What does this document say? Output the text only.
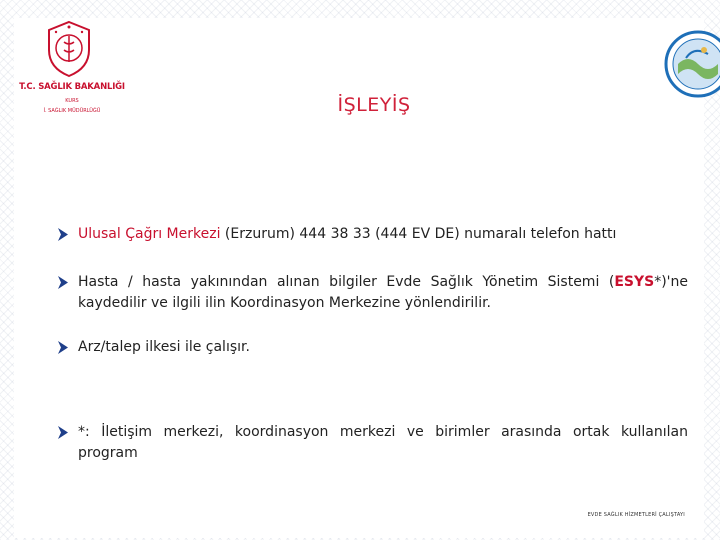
T.C. SAĞLIK BAKANLIĞI
KURS
İ. SAĞLIK MÜDÜRLÜĞÜ	İŞLEYİŞ
Ulusal Çağrı Merkezi (Erzurum) 444 38 33 (444 EV DE) numaralı telefon hattı
Hasta / hasta yakınından alınan bilgiler Evde Sağlık Yönetim Sistemi (ESYS*)'ne kaydedilir ve ilgili ilin Koordinasyon Merkezine yönlendirilir.
Arz/talep ilkesi ile çalışır.
*: İletişim merkezi, koordinasyon merkezi ve birimler arasında ortak kullanılan program
EVDE SAĞLIK HİZMETLERİ ÇALIŞTAYI
